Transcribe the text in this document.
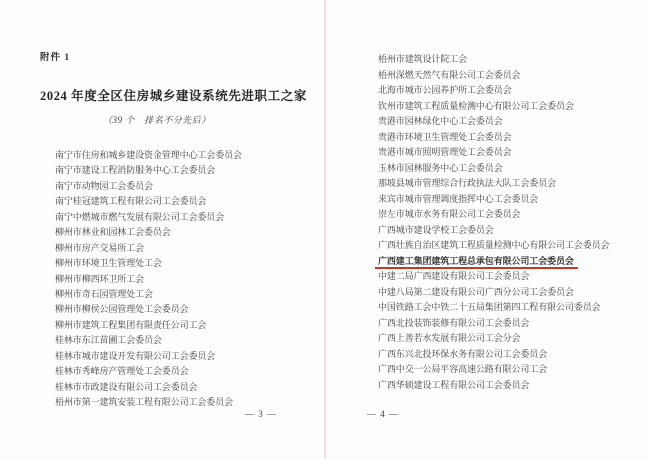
附件 1
2024 年度全区住房城乡建设系统先进职工之家
（39 个　排名不分先后）
南宁市住房和城乡建设资金管理中心工会委员会
南宁市建设工程消防服务中心工会委员会
南宁市动物园工会委员会
南宁桂冠建筑工程有限公司工会委员会
南宁中燃城市燃气发展有限公司工会委员会
柳州市林业和园林工会委员会
柳州市房产交易所工会
柳州市环境卫生管理处工会
柳州市柳西环卫所工会
柳州市奇石园管理处工会
柳州市柳侯公园管理处工会委员会
柳州市建筑工程集团有限责任公司工会
桂林市东江苗圃工会委员会
桂林市城市建设开发有限公司工会委员会
桂林市秀峰房产管理处工会委员会
桂林市市政建设有限公司工会委员会
梧州市第一建筑安装工程有限公司工会委员会
— 3 —
梧州市建筑设计院工会
梧州深燃天然气有限公司工会委员会
北海市城市公园养护所工会委员会
钦州市建筑工程质量检测中心有限公司工会委员会
贵港市园林绿化中心工会委员会
贵港市环境卫生管理处工会委员会
贵港市城市照明管理处工会委员会
玉林市园林服务中心工会委员会
那坡县城市管理综合行政执法大队工会委员会
来宾市城市管理调度指挥中心工会委员会
崇左市城市水务有限公司工会委员会
广西城市建设学校工会委员会
广西壮族自治区建筑工程质量检测中心有限公司工会委员会
广西建工集团建筑工程总承包有限公司工会委员会
中建二局广西建设有限公司工会委员会
中建八局第二建设有限公司广西分公司工会委员会
中国铁路工会中铁二十五局集团第四工程有限公司委员会
广西北投装饰装修有限公司工会委员会
广西上善若水发展有限公司工会分会
广西东兴北投环保水务有限公司工会委员会
广西中交一公局平容高速公路有限公司工会
广西华硕建设工程有限公司工会委员会
— 4 —
